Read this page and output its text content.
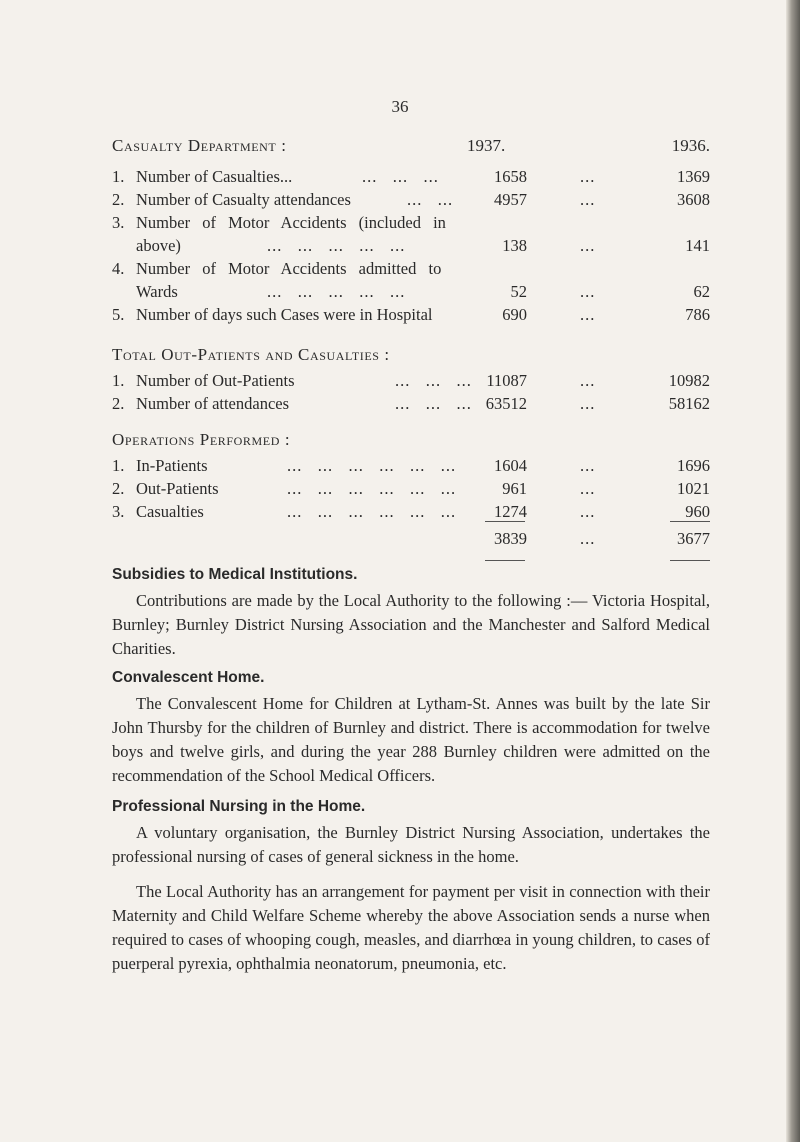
36
Casualty Department :	1937.	1936.
1. Number of Casualties...	...   ...   ...	1658	...	1369
2. Number of Casualty attendances	...   ... 4957	...	3608
3. Number of Motor Accidents (included in
above)	...   ...   ...   ...   ...	138	...	141
4. Number of Motor Accidents admitted to
Wards	...   ...   ...   ...   ...	52	...	62
5. Number of days such Cases were in Hospital	690	...	786
Total Out-Patients and Casualties :
1. Number of Out-Patients	...   ...   ... 11087	...	10982
2. Number of attendances	...   ...   ... 63512	...	58162
Operations Performed :
1. In-Patients	...   ...   ...   ...   ...   ... 1604	...	1696
2. Out-Patients	...   ...   ...   ...   ...   ...	961	...	1021
3. Casualties	...   ...   ...   ...   ...   ... 1274	...	960
3839	...	3677
Subsidies to Medical Institutions.
Contributions are made by the Local Authority to the following :— Victoria Hospital, Burnley; Burnley District Nursing Association and the Manchester and Salford Medical Charities.
Convalescent Home.
The Convalescent Home for Children at Lytham-St. Annes was built by the late Sir John Thursby for the children of Burnley and district. There is accommodation for twelve boys and twelve girls, and during the year 288 Burnley children were admitted on the recommendation of the School Medical Officers.
Professional Nursing in the Home.
A voluntary organisation, the Burnley District Nursing Association, undertakes the professional nursing of cases of general sickness in the home.
The Local Authority has an arrangement for payment per visit in connection with their Maternity and Child Welfare Scheme whereby the above Association sends a nurse when required to cases of whooping cough, measles, and diarrhœa in young children, to cases of puerperal pyrexia, ophthalmia neonatorum, pneumonia, etc.
